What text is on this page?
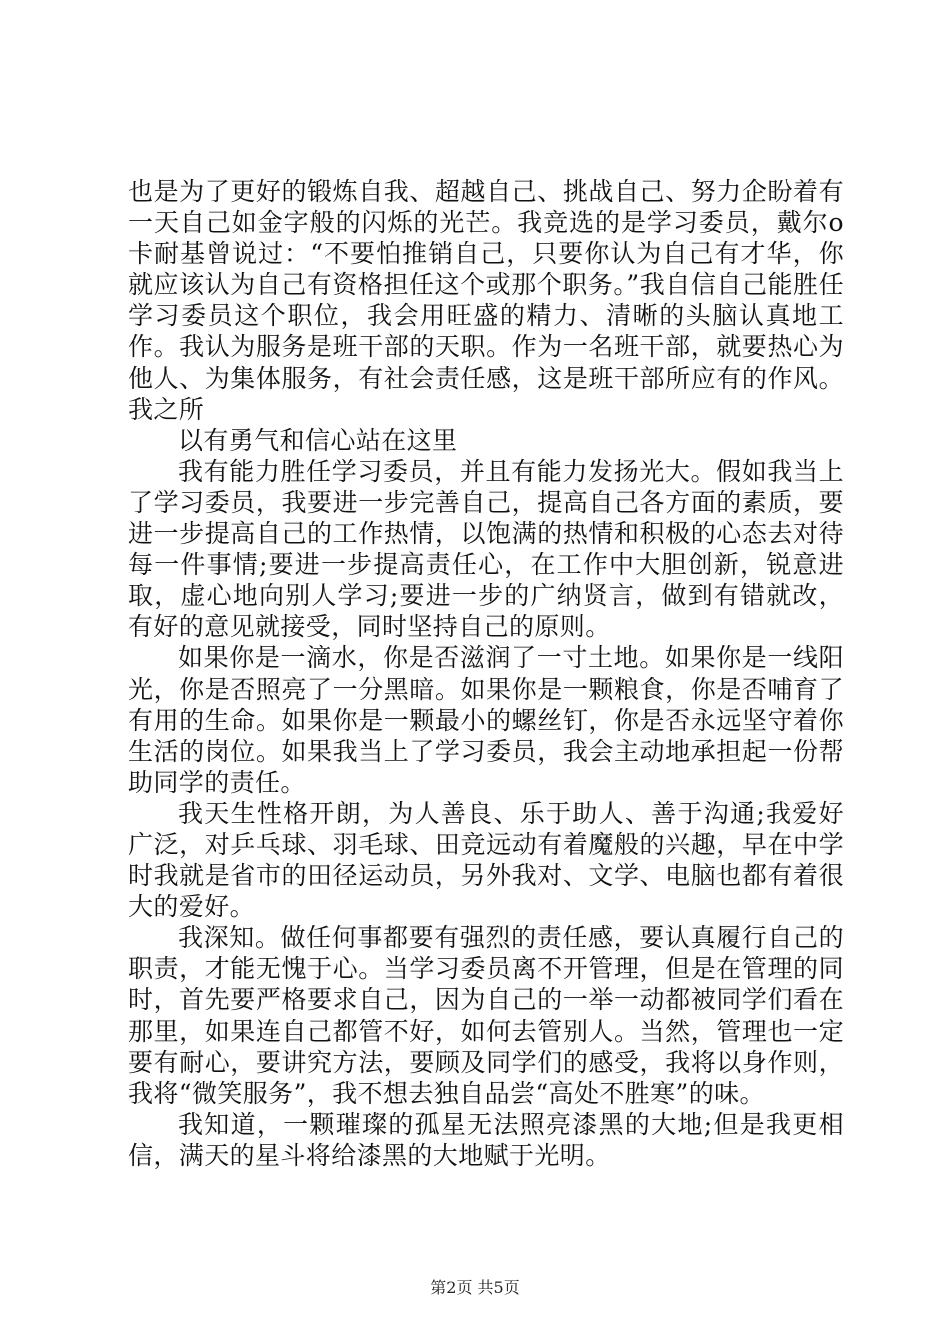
也是为了更好的锻炼自我、超越自己、挑战自己、努力企盼着有一天自己如金字般的闪烁的光芒。我竞选的是学习委员，戴尔o卡耐基曾说过：“不要怕推销自己，只要你认为自己有才华，你就应该认为自己有资格担任这个或那个职务。”我自信自己能胜任学习委员这个职位，我会用旺盛的精力、清晰的头脑认真地工作。我认为服务是班干部的天职。作为一名班干部，就要热心为他人、为集体服务，有社会责任感，这是班干部所应有的作风。我之所

以有勇气和信心站在这里

我有能力胜任学习委员，并且有能力发扬光大。假如我当上了学习委员，我要进一步完善自己，提高自己各方面的素质，要进一步提高自己的工作热情，以饱满的热情和积极的心态去对待每一件事情;要进一步提高责任心，在工作中大胆创新，锐意进取，虚心地向别人学习;要进一步的广纳贤言，做到有错就改，有好的意见就接受，同时坚持自己的原则。

如果你是一滴水，你是否滋润了一寸土地。如果你是一线阳光，你是否照亮了一分黑暗。如果你是一颗粮食，你是否哺育了有用的生命。如果你是一颗最小的螺丝钉，你是否永远坚守着你生活的岗位。如果我当上了学习委员，我会主动地承担起一份帮助同学的责任。

我天生性格开朗，为人善良、乐于助人、善于沟通;我爱好广泛，对乒乓球、羽毛球、田竞远动有着魔般的兴趣，早在中学时我就是省市的田径运动员，另外我对、文学、电脑也都有着很大的爱好。

我深知。做任何事都要有强烈的责任感，要认真履行自己的职责，才能无愧于心。当学习委员离不开管理，但是在管理的同时，首先要严格要求自己，因为自己的一举一动都被同学们看在那里，如果连自己都管不好，如何去管别人。当然，管理也一定要有耐心，要讲究方法，要顾及同学们的感受，我将以身作则，我将“微笑服务”，我不想去独自品尝“高处不胜寒”的味。

我知道，一颗璀璨的孤星无法照亮漆黑的大地;但是我更相信，满天的星斗将给漆黑的大地赋于光明。

第2页 共5页
